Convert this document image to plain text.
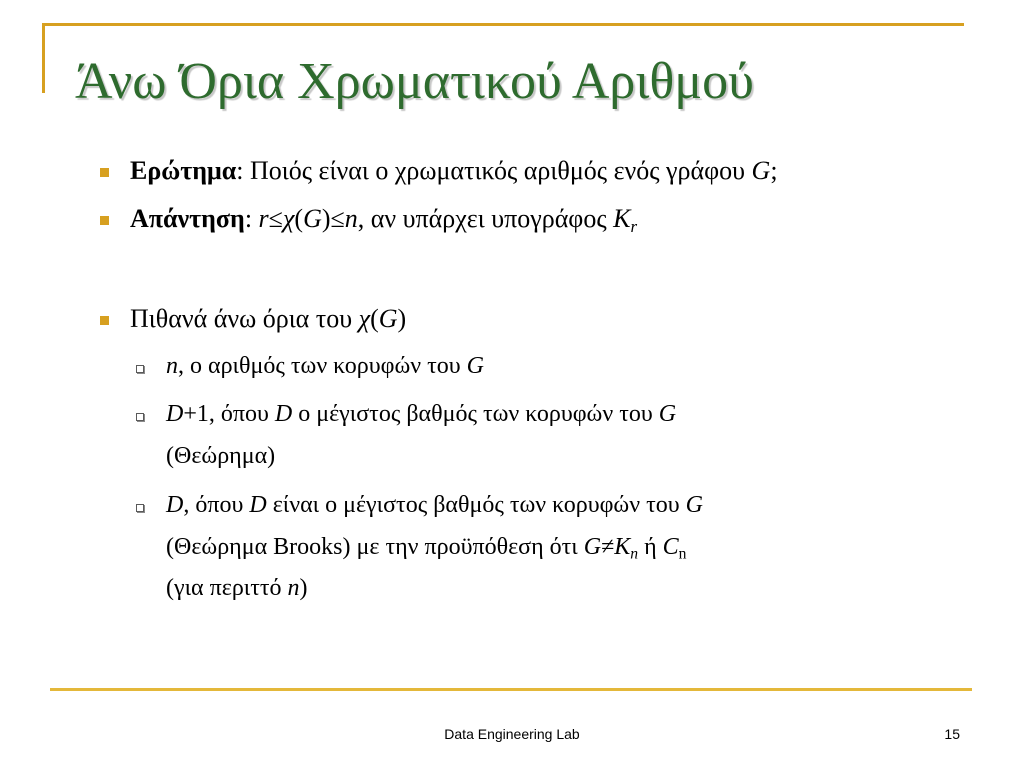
Άνω Όρια Χρωματικού Αριθμού
Ερώτημα: Ποιός είναι ο χρωματικός αριθμός ενός γράφου G;
Απάντηση: r≤χ(G)≤n, αν υπάρχει υπογράφος $K_r$
Πιθανά άνω όρια του χ(G)
n, ο αριθμός των κορυφών του G
D+1, όπου D ο μέγιστος βαθμός των κορυφών του G
(Θεώρημα)
D, όπου D είναι ο μέγιστος βαθμός των κορυφών του G
(Θεώρημα Brooks) με την προϋπόθεση ότι $G\ne K_n$ ή $C_n$
(για περιττό n)
Data Engineering Lab	15
